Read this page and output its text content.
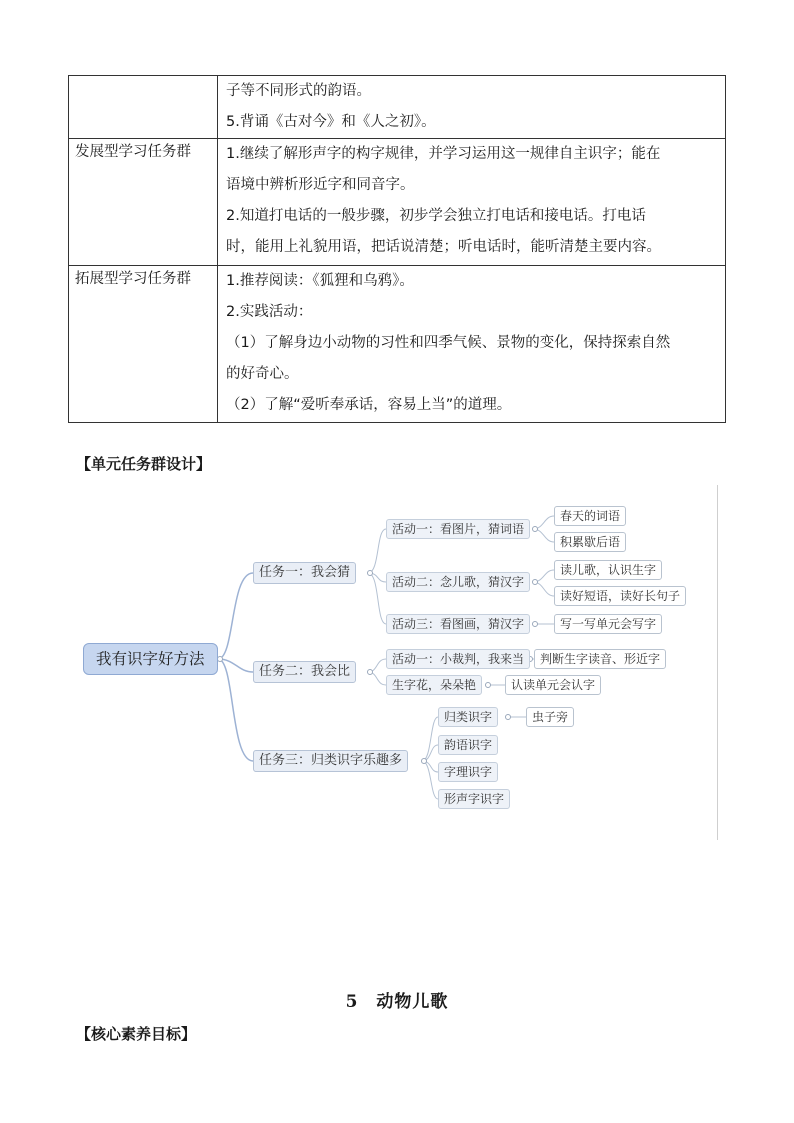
	子等不同形式的韵语。
5.背诵《古对今》和《人之初》。

发展型学习任务群	1.继续了解形声字的构字规律，并学习运用这一规律自主识字；能在
语境中辨析形近字和同音字。
2.知道打电话的一般步骤，初步学会独立打电话和接电话。打电话
时，能用上礼貌用语，把话说清楚；听电话时，能听清楚主要内容。

拓展型学习任务群	1.推荐阅读：《狐狸和乌鸦》。
2.实践活动：
（1）了解身边小动物的习性和四季气候、景物的变化，保持探索自然
的好奇心。
（2）了解“爱听奉承话，容易上当”的道理。
【单元任务群设计】
我有识字好方法
任务一：我会猜
任务二：我会比
任务三：归类识字乐趣多
活动一：看图片，猜词语
活动二：念儿歌，猜汉字
活动三：看图画，猜汉字
活动一：小裁判，我来当
生字花，朵朵艳
归类识字
韵语识字
字理识字
形声字识字
春天的词语
积累歇后语
读儿歌，认识生字
读好短语，读好长句子
写一写单元会写字
判断生字读音、形近字
认读单元会认字
虫子旁
5　动物儿歌
【核心素养目标】
